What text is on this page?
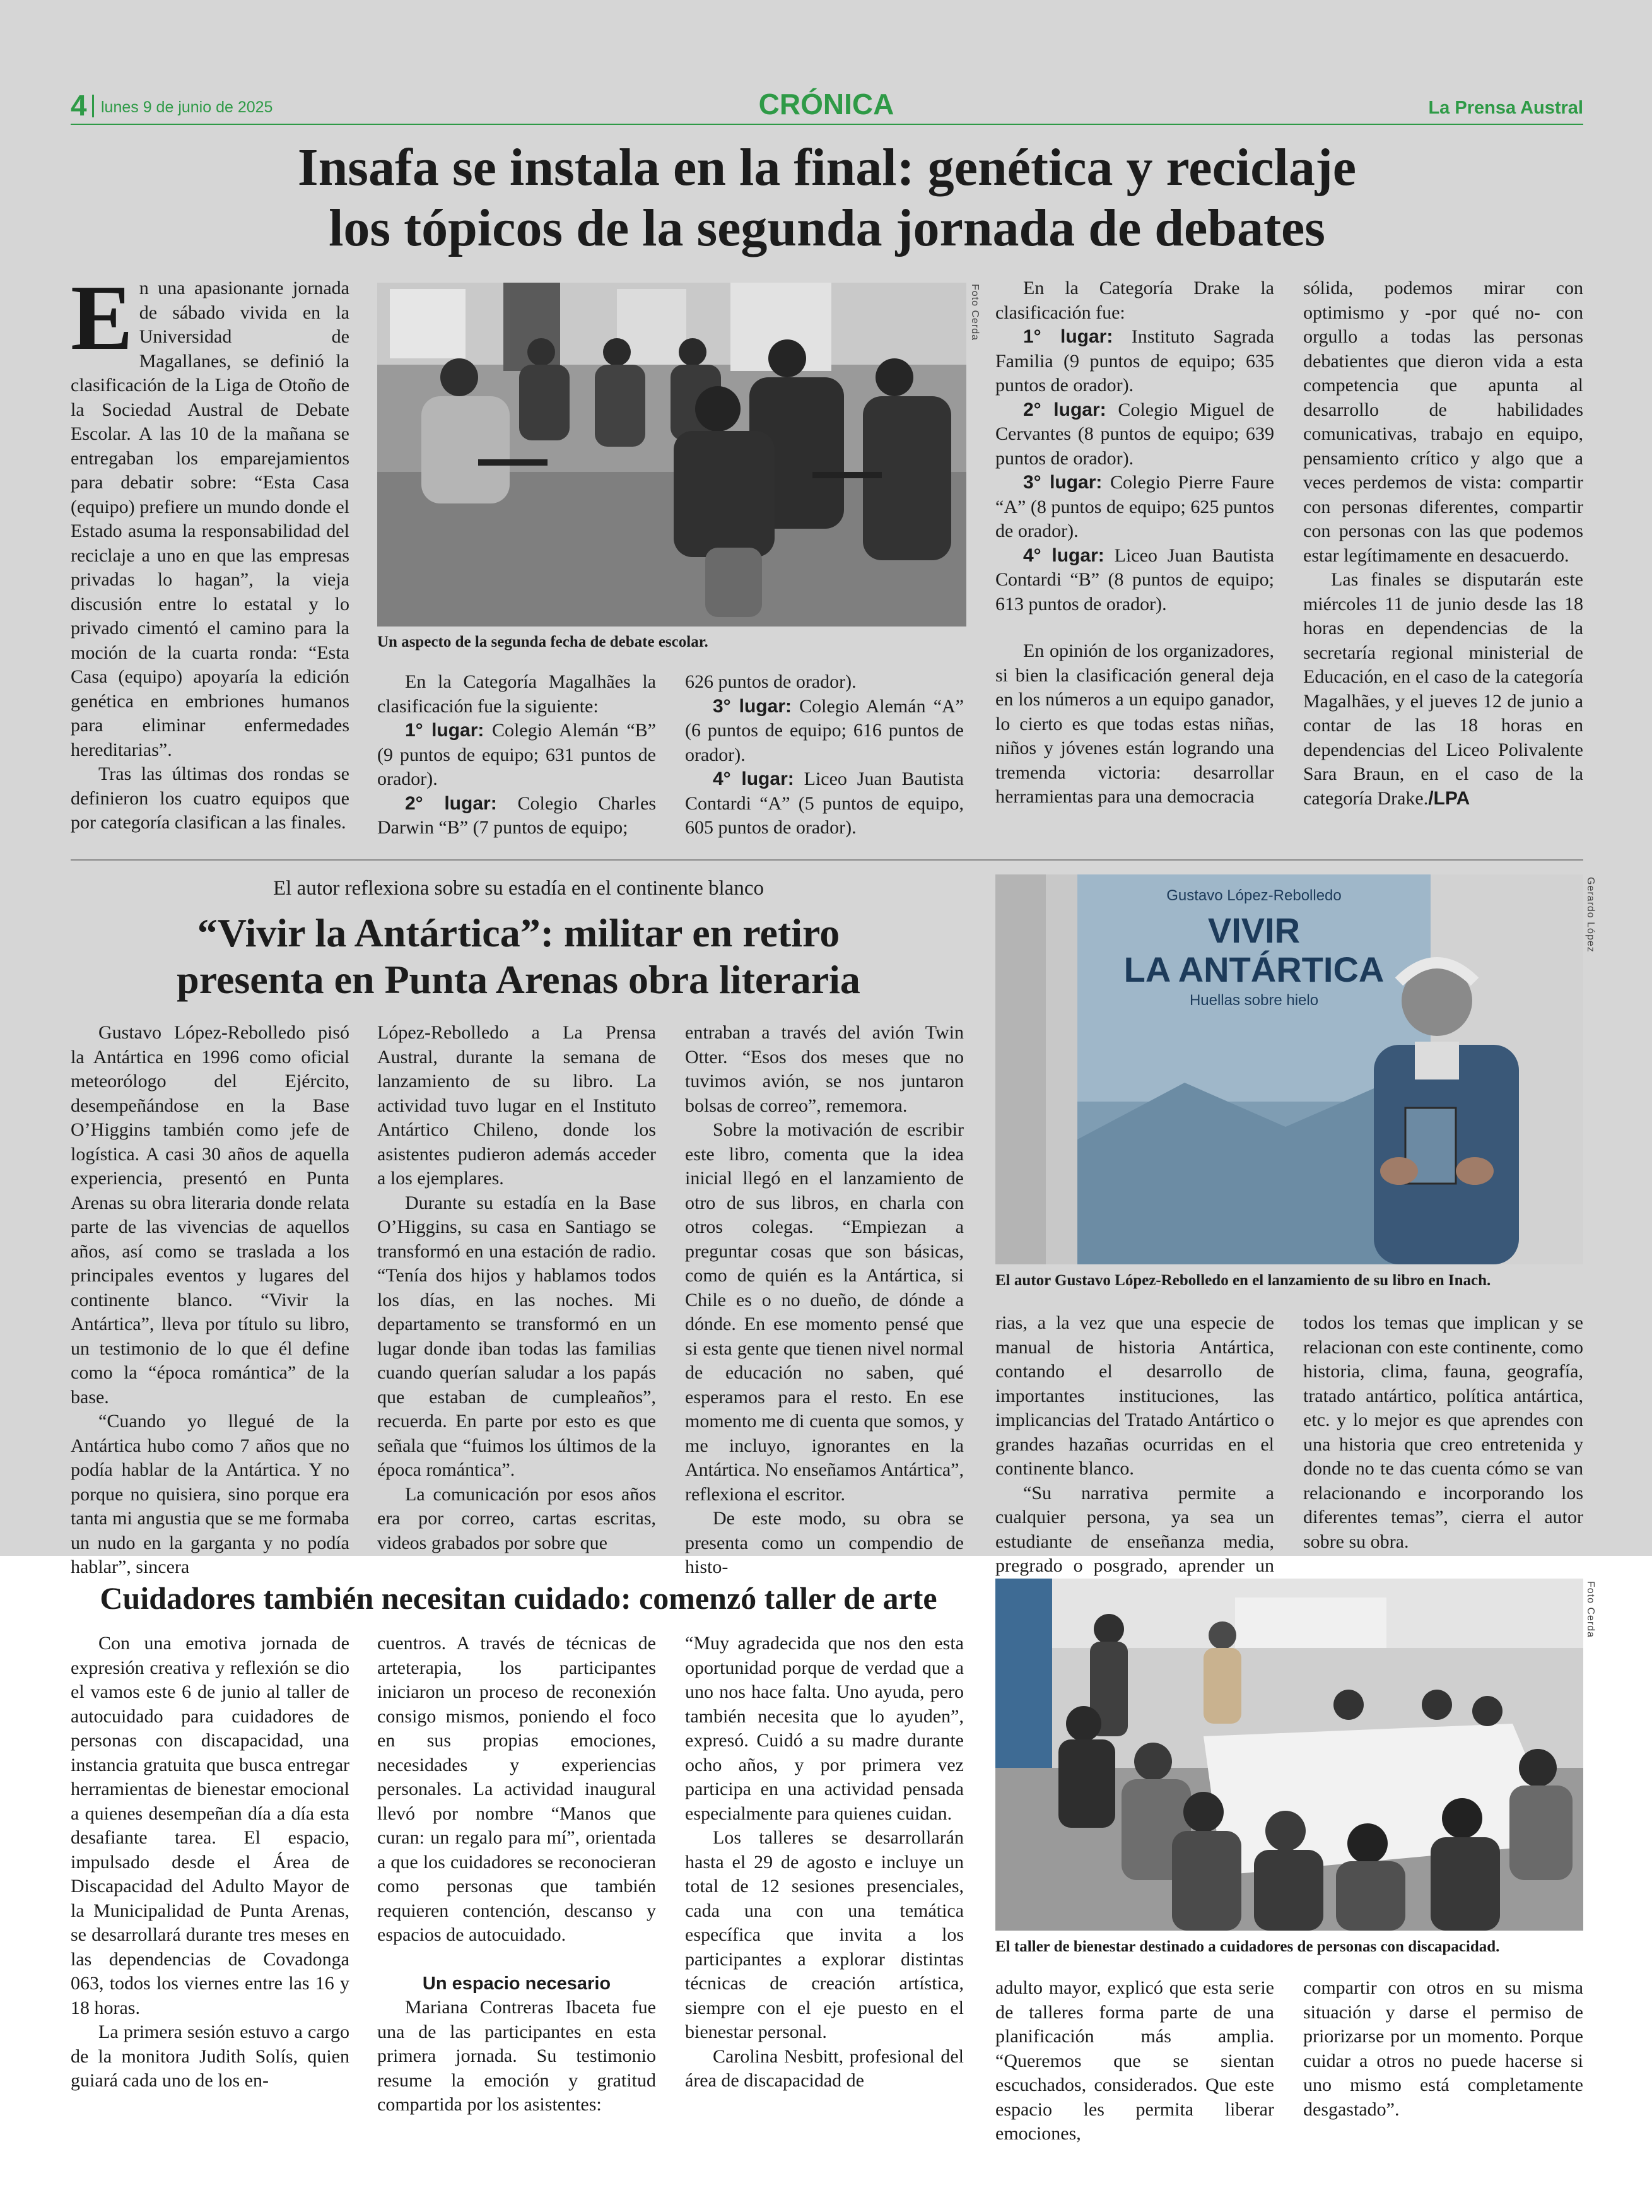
4 lunes 9 de junio de 2025	CRÓNICA	La Prensa Austral
Insafa se instala en la final: genética y reciclaje
los tópicos de la segunda jornada de debates

En una apasionante jornada de sábado vivida en la Universidad de Magallanes, se definió la clasificación de la Liga de Otoño de la Sociedad Austral de Debate Escolar. A las 10 de la mañana se entregaban los emparejamientos para debatir sobre: “Esta Casa (equipo) prefiere un mundo donde el Estado asuma la responsabilidad del reciclaje a uno en que las empresas privadas lo hagan”, la vieja discusión entre lo estatal y lo privado cimentó el camino para la moción de la cuarta ronda: “Esta Casa (equipo) apoyaría la edición genética en embriones humanos para eliminar enfermedades hereditarias”.

Tras las últimas dos rondas se definieron los cuatro equipos que por categoría clasifican a las finales.

Foto Cerda
Un aspecto de la segunda fecha de debate escolar.

En la Categoría Magalhães la clasificación fue la siguiente:

1° lugar: Colegio Alemán “B” (9 puntos de equipo; 631 puntos de orador).

2° lugar: Colegio Charles Darwin “B” (7 puntos de equipo;

626 puntos de orador).

3° lugar: Colegio Alemán “A” (6 puntos de equipo; 616 puntos de orador).

4° lugar: Liceo Juan Bautista Contardi “A” (5 puntos de equipo, 605 puntos de orador).

En la Categoría Drake la clasificación fue:

1° lugar: Instituto Sagrada Familia (9 puntos de equipo; 635 puntos de orador).

2° lugar: Colegio Miguel de Cervantes (8 puntos de equipo; 639 puntos de orador).

3° lugar: Colegio Pierre Faure “A” (8 puntos de equipo; 625 puntos de orador).

4° lugar: Liceo Juan Bautista Contardi “B” (8 puntos de equipo; 613 puntos de orador).

En opinión de los organizadores, si bien la clasificación general deja en los números a un equipo ganador, lo cierto es que todas estas niñas, niños y jóvenes están logrando una tremenda victoria: desarrollar herramientas para una democracia

sólida, podemos mirar con optimismo y -por qué no- con orgullo a todas las personas debatientes que dieron vida a esta competencia que apunta al desarrollo de habilidades comunicativas, trabajo en equipo, pensamiento crítico y algo que a veces perdemos de vista: compartir con personas diferentes, compartir con personas con las que podemos estar legítimamente en desacuerdo.

Las finales se disputarán este miércoles 11 de junio desde las 18 horas en dependencias de la secretaría regional ministerial de Educación, en el caso de la categoría Magalhães, y el jueves 12 de junio a contar de las 18 horas en dependencias del Liceo Polivalente Sara Braun, en el caso de la categoría Drake./LPA

El autor reflexiona sobre su estadía en el continente blanco
“Vivir la Antártica”: militar en retiro
presenta en Punta Arenas obra literaria

Gustavo López-Rebolledo pisó la Antártica en 1996 como oficial meteorólogo del Ejército, desempeñándose en la Base O’Higgins también como jefe de logística. A casi 30 años de aquella experiencia, presentó en Punta Arenas su obra literaria donde relata parte de las vivencias de aquellos años, así como se traslada a los principales eventos y lugares del continente blanco. “Vivir la Antártica”, lleva por título su libro, un testimonio de lo que él define como la “época romántica” de la base.

“Cuando yo llegué de la Antártica hubo como 7 años que no podía hablar de la Antártica. Y no porque no quisiera, sino porque era tanta mi angustia que se me formaba un nudo en la garganta y no podía hablar”, sincera

López-Rebolledo a La Prensa Austral, durante la semana de lanzamiento de su libro. La actividad tuvo lugar en el Instituto Antártico Chileno, donde los asistentes pudieron además acceder a los ejemplares.

Durante su estadía en la Base O’Higgins, su casa en Santiago se transformó en una estación de radio. “Tenía dos hijos y hablamos todos los días, en las noches. Mi departamento se transformó en un lugar donde iban todas las familias cuando querían saludar a los papás que estaban de cumpleaños”, recuerda. En parte por esto es que señala que “fuimos los últimos de la época romántica”.

La comunicación por esos años era por correo, cartas escritas, videos grabados por sobre que

entraban a través del avión Twin Otter. “Esos dos meses que no tuvimos avión, se nos juntaron bolsas de correo”, rememora.

Sobre la motivación de escribir este libro, comenta que la idea inicial llegó en el lanzamiento de otro de sus libros, en charla con otros colegas. “Empiezan a preguntar cosas que son básicas, como de quién es la Antártica, si Chile es o no dueño, de dónde a dónde. En ese momento pensé que si esta gente que tienen nivel normal de educación no saben, qué esperamos para el resto. En ese momento me di cuenta que somos, y me incluyo, ignorantes en la Antártica. No enseñamos Antártica”, reflexiona el escritor.

De este modo, su obra se presenta como un compendio de histo-

Gustavo López-Rebolledo
VIVIR
LA ANTÁRTICA
Huellas sobre hielo
Gerardo López
El autor Gustavo López-Rebolledo en el lanzamiento de su libro en Inach.

rias, a la vez que una especie de manual de historia Antártica, contando el desarrollo de importantes instituciones, las implicancias del Tratado Antártico o grandes hazañas ocurridas en el continente blanco.

“Su narrativa permite a cualquier persona, ya sea un estudiante de enseñanza media, pregrado o posgrado, aprender un

todos los temas que implican y se relacionan con este continente, como historia, clima, fauna, geografía, tratado antártico, política antártica, etc. y lo mejor es que aprendes con una historia que creo entretenida y donde no te das cuenta cómo se van relacionando e incorporando los diferentes temas”, cierra el autor sobre su obra.

Cuidadores también necesitan cuidado: comenzó taller de arte

Con una emotiva jornada de expresión creativa y reflexión se dio el vamos este 6 de junio al taller de autocuidado para cuidadores de personas con discapacidad, una instancia gratuita que busca entregar herramientas de bienestar emocional a quienes desempeñan día a día esta desafiante tarea. El espacio, impulsado desde el Área de Discapacidad del Adulto Mayor de la Municipalidad de Punta Arenas, se desarrollará durante tres meses en las dependencias de Covadonga 063, todos los viernes entre las 16 y 18 horas.

La primera sesión estuvo a cargo de la monitora Judith Solís, quien guiará cada uno de los en-

cuentros. A través de técnicas de arteterapia, los participantes iniciaron un proceso de reconexión consigo mismos, poniendo el foco en sus propias emociones, necesidades y experiencias personales. La actividad inaugural llevó por nombre “Manos que curan: un regalo para mí”, orientada a que los cuidadores se reconocieran como personas que también requieren contención, descanso y espacios de autocuidado.

Un espacio necesario

Mariana Contreras Ibaceta fue una de las participantes en esta primera jornada. Su testimonio resume la emoción y gratitud compartida por los asistentes:

“Muy agradecida que nos den esta oportunidad porque de verdad que a uno nos hace falta. Uno ayuda, pero también necesita que lo ayuden”, expresó. Cuidó a su madre durante ocho años, y por primera vez participa en una actividad pensada especialmente para quienes cuidan.

Los talleres se desarrollarán hasta el 29 de agosto e incluye un total de 12 sesiones presenciales, cada una con una temática específica que invita a los participantes a explorar distintas técnicas de creación artística, siempre con el eje puesto en el bienestar personal.

Carolina Nesbitt, profesional del área de discapacidad de

Foto Cerda
El taller de bienestar destinado a cuidadores de personas con discapacidad.

adulto mayor, explicó que esta serie de talleres forma parte de una planificación más amplia. “Queremos que se sientan escuchados, considerados. Que este espacio les permita liberar emociones,

compartir con otros en su misma situación y darse el permiso de priorizarse por un momento. Porque cuidar a otros no puede hacerse si uno mismo está completamente desgastado”.
